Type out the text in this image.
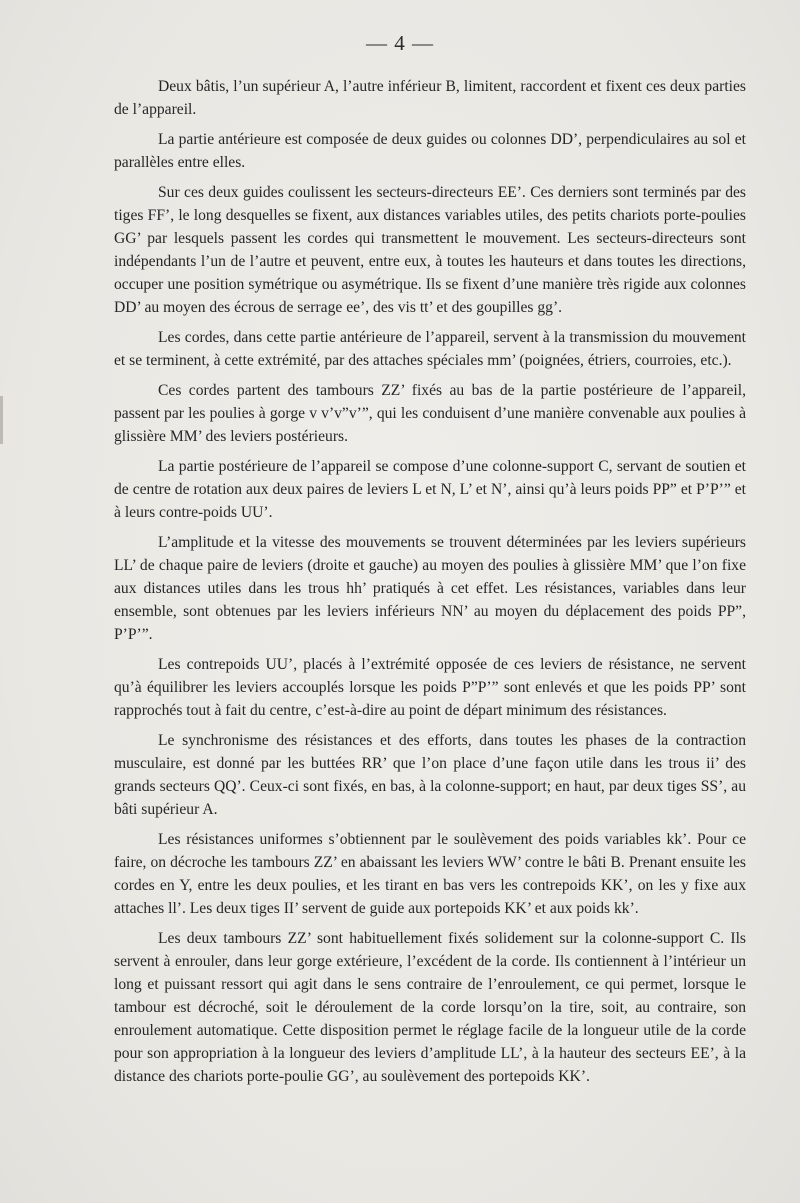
— 4 —

Deux bâtis, l’un supérieur A, l’autre inférieur B, limitent, raccordent et fixent ces deux parties de l’appareil.

La partie antérieure est composée de deux guides ou colonnes DD’, perpendiculaires au sol et parallèles entre elles.

Sur ces deux guides coulissent les secteurs-directeurs EE’. Ces derniers sont terminés par des tiges FF’, le long desquelles se fixent, aux distances variables utiles, des petits chariots porte-poulies GG’ par lesquels passent les cordes qui transmettent le mouvement. Les secteurs-directeurs sont indépendants l’un de l’autre et peuvent, entre eux, à toutes les hauteurs et dans toutes les directions, occuper une position symétrique ou asymétrique. Ils se fixent d’une manière très rigide aux colonnes DD’ au moyen des écrous de serrage ee’, des vis tt’ et des goupilles gg’.

Les cordes, dans cette partie antérieure de l’appareil, servent à la transmission du mouvement et se terminent, à cette extrémité, par des attaches spéciales mm’ (poignées, étriers, courroies, etc.).

Ces cordes partent des tambours ZZ’ fixés au bas de la partie postérieure de l’appareil, passent par les poulies à gorge v v’v”v’”, qui les conduisent d’une manière convenable aux poulies à glissière MM’ des leviers postérieurs.

La partie postérieure de l’appareil se compose d’une colonne-support C, servant de soutien et de centre de rotation aux deux paires de leviers L et N, L’ et N’, ainsi qu’à leurs poids PP” et P’P’” et à leurs contre-poids UU’.

L’amplitude et la vitesse des mouvements se trouvent déterminées par les leviers supérieurs LL’ de chaque paire de leviers (droite et gauche) au moyen des poulies à glissière MM’ que l’on fixe aux distances utiles dans les trous hh’ pratiqués à cet effet. Les résistances, variables dans leur ensemble, sont obtenues par les leviers inférieurs NN’ au moyen du déplacement des poids PP”, P’P’”.

Les contrepoids UU’, placés à l’extrémité opposée de ces leviers de résistance, ne servent qu’à équilibrer les leviers accouplés lorsque les poids P”P’” sont enlevés et que les poids PP’ sont rapprochés tout à fait du centre, c’est-à-dire au point de départ minimum des résistances.

Le synchronisme des résistances et des efforts, dans toutes les phases de la contraction musculaire, est donné par les buttées RR’ que l’on place d’une façon utile dans les trous ii’ des grands secteurs QQ’. Ceux-ci sont fixés, en bas, à la colonne-support; en haut, par deux tiges SS’, au bâti supérieur A.

Les résistances uniformes s’obtiennent par le soulèvement des poids variables kk’. Pour ce faire, on décroche les tambours ZZ’ en abaissant les leviers WW’ contre le bâti B. Prenant ensuite les cordes en Y, entre les deux poulies, et les tirant en bas vers les contrepoids KK’, on les y fixe aux attaches ll’. Les deux tiges II’ servent de guide aux portepoids KK’ et aux poids kk’.

Les deux tambours ZZ’ sont habituellement fixés solidement sur la colonne-support C. Ils servent à enrouler, dans leur gorge extérieure, l’excédent de la corde. Ils contiennent à l’intérieur un long et puissant ressort qui agit dans le sens contraire de l’enroulement, ce qui permet, lorsque le tambour est décroché, soit le déroulement de la corde lorsqu’on la tire, soit, au contraire, son enroulement automatique. Cette disposition permet le réglage facile de la longueur utile de la corde pour son appropriation à la longueur des leviers d’amplitude LL’, à la hauteur des secteurs EE’, à la distance des chariots porte-poulie GG’, au soulèvement des portepoids KK’.
